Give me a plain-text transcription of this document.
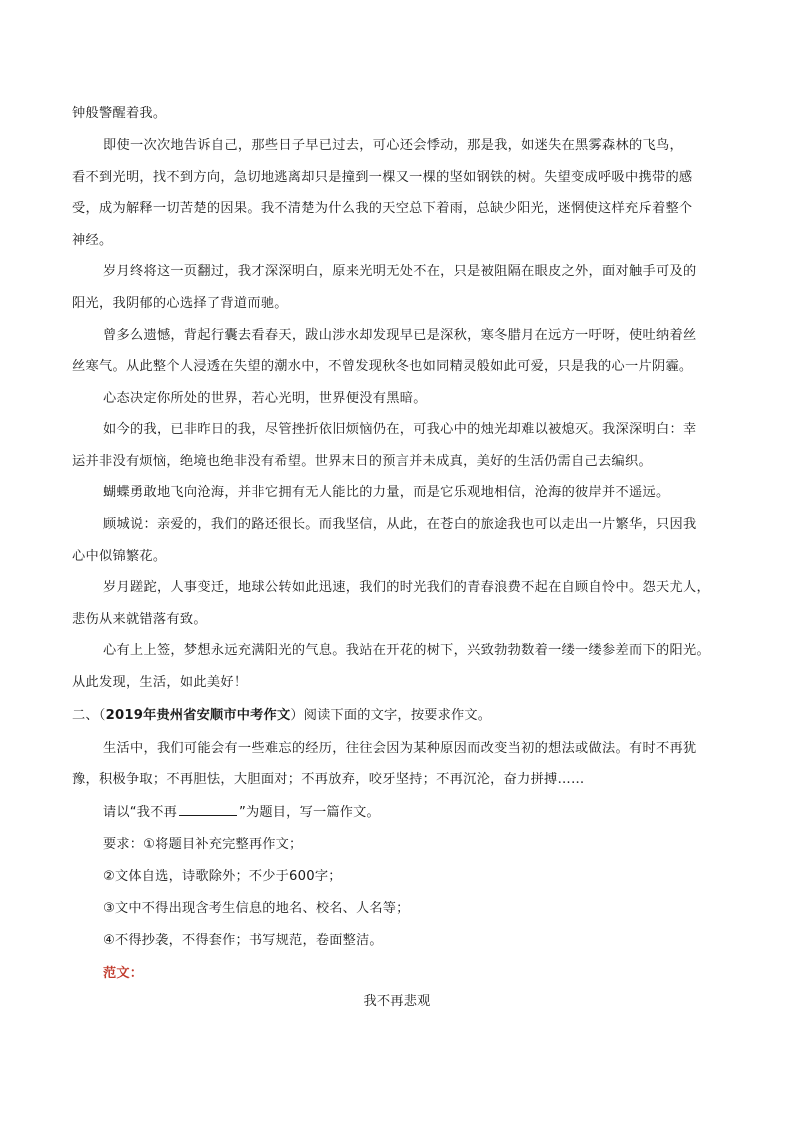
钟般警醒着我。
即使一次次地告诉自己，那些日子早已过去，可心还会悸动，那是我，如迷失在黑雾森林的飞鸟，
看不到光明，找不到方向，急切地逃离却只是撞到一棵又一棵的坚如钢铁的树。失望变成呼吸中携带的感
受，成为解释一切苦楚的因果。我不清楚为什么我的天空总下着雨，总缺少阳光，迷惘使这样充斥着整个
神经。
岁月终将这一页翻过，我才深深明白，原来光明无处不在，只是被阻隔在眼皮之外，面对触手可及的
阳光，我阴郁的心选择了背道而驰。
曾多么遗憾，背起行囊去看春天，跋山涉水却发现早已是深秋，寒冬腊月在远方一吁呀，使吐纳着丝
丝寒气。从此整个人浸透在失望的潮水中，不曾发现秋冬也如同精灵般如此可爱，只是我的心一片阴霾。
心态决定你所处的世界，若心光明，世界便没有黑暗。
如今的我，已非昨日的我，尽管挫折依旧烦恼仍在，可我心中的烛光却难以被熄灭。我深深明白：幸
运并非没有烦恼，绝境也绝非没有希望。世界末日的预言并未成真，美好的生活仍需自己去编织。
蝴蝶勇敢地飞向沧海，并非它拥有无人能比的力量，而是它乐观地相信，沧海的彼岸并不遥远。
顾城说：亲爱的，我们的路还很长。而我坚信，从此，在苍白的旅途我也可以走出一片繁华，只因我
心中似锦繁花。
岁月蹉跎，人事变迁，地球公转如此迅速，我们的时光我们的青春浪费不起在自顾自怜中。怨天尤人，
悲伤从来就错落有致。
心有上上签，梦想永远充满阳光的气息。我站在开花的树下，兴致勃勃数着一缕一缕参差而下的阳光。
从此发现，生活，如此美好！
二、（2019年贵州省安顺市中考作文）阅读下面的文字，按要求作文。
生活中，我们可能会有一些难忘的经历，往往会因为某种原因而改变当初的想法或做法。有时不再犹
豫，积极争取；不再胆怯，大胆面对；不再放弃，咬牙坚持；不再沉沦，奋力拼搏……
请以“我不再	”为题目，写一篇作文。
要求：①将题目补充完整再作文；
②文体自选，诗歌除外；不少于600字；
③文中不得出现含考生信息的地名、校名、人名等；
④不得抄袭，不得套作；书写规范，卷面整洁。
范文：
我不再悲观
